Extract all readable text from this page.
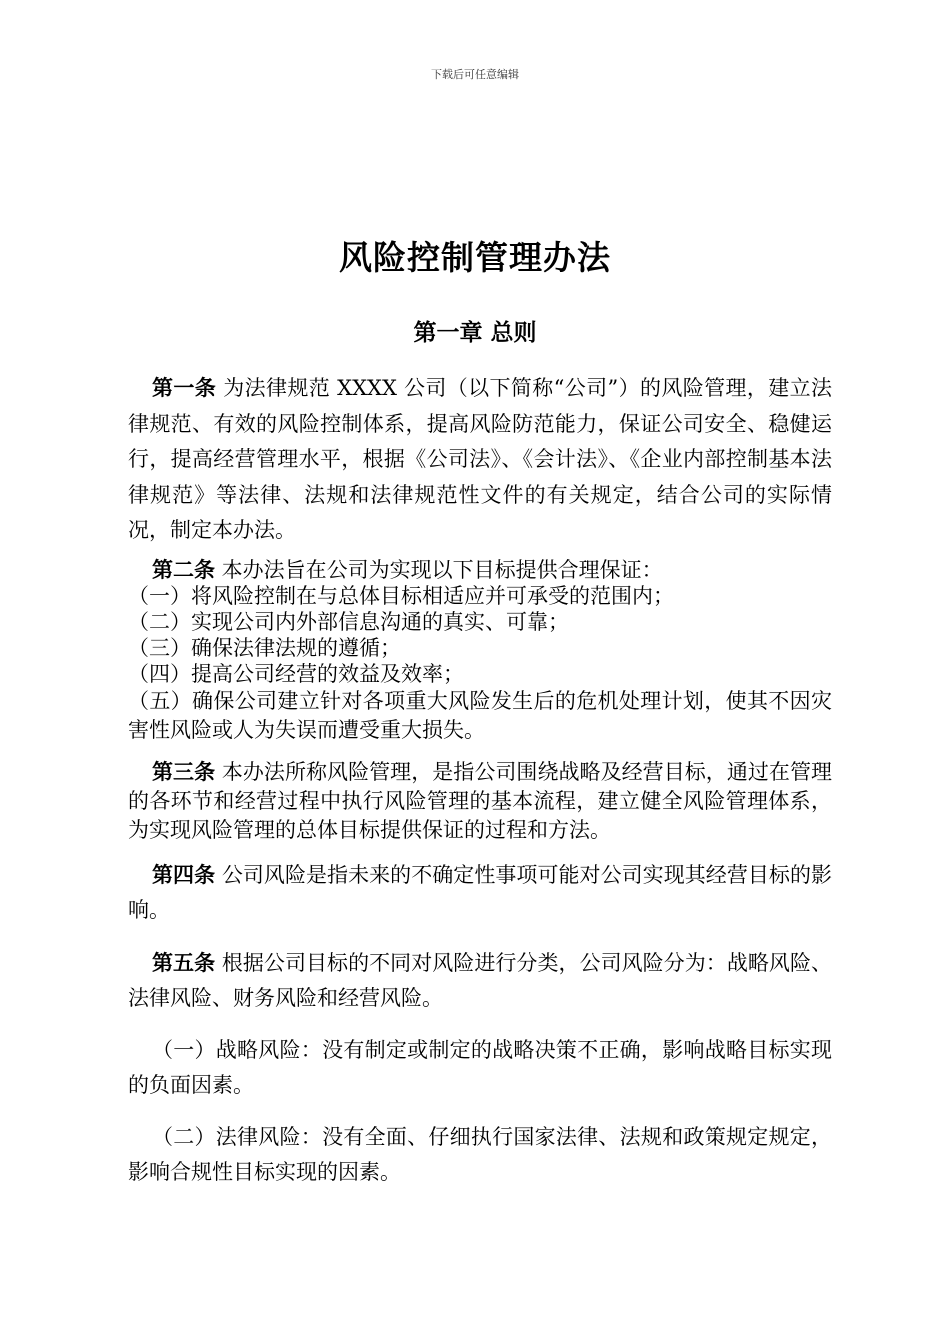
下载后可任意编辑
风险控制管理办法
第一章 总则

第一条 为法律规范 XXXX 公司（以下简称“公司”）的风险管理，建立法律规范、有效的风险控制体系，提高风险防范能力，保证公司安全、稳健运行，提高经营管理水平，根据《公司法》、《会计法》、《企业内部控制基本法律规范》等法律、法规和法律规范性文件的有关规定，结合公司的实际情况，制定本办法。

第二条 本办法旨在公司为实现以下目标提供合理保证：

（一）将风险控制在与总体目标相适应并可承受的范围内；

（二）实现公司内外部信息沟通的真实、可靠；

（三）确保法律法规的遵循；

（四）提高公司经营的效益及效率；

（五）确保公司建立针对各项重大风险发生后的危机处理计划，使其不因灾害性风险或人为失误而遭受重大损失。

第三条 本办法所称风险管理，是指公司围绕战略及经营目标，通过在管理的各环节和经营过程中执行风险管理的基本流程，建立健全风险管理体系，为实现风险管理的总体目标提供保证的过程和方法。

第四条 公司风险是指未来的不确定性事项可能对公司实现其经营目标的影响。

第五条 根据公司目标的不同对风险进行分类，公司风险分为：战略风险、法律风险、财务风险和经营风险。

（一）战略风险：没有制定或制定的战略决策不正确，影响战略目标实现的负面因素。

（二）法律风险：没有全面、仔细执行国家法律、法规和政策规定规定，影响合规性目标实现的因素。
